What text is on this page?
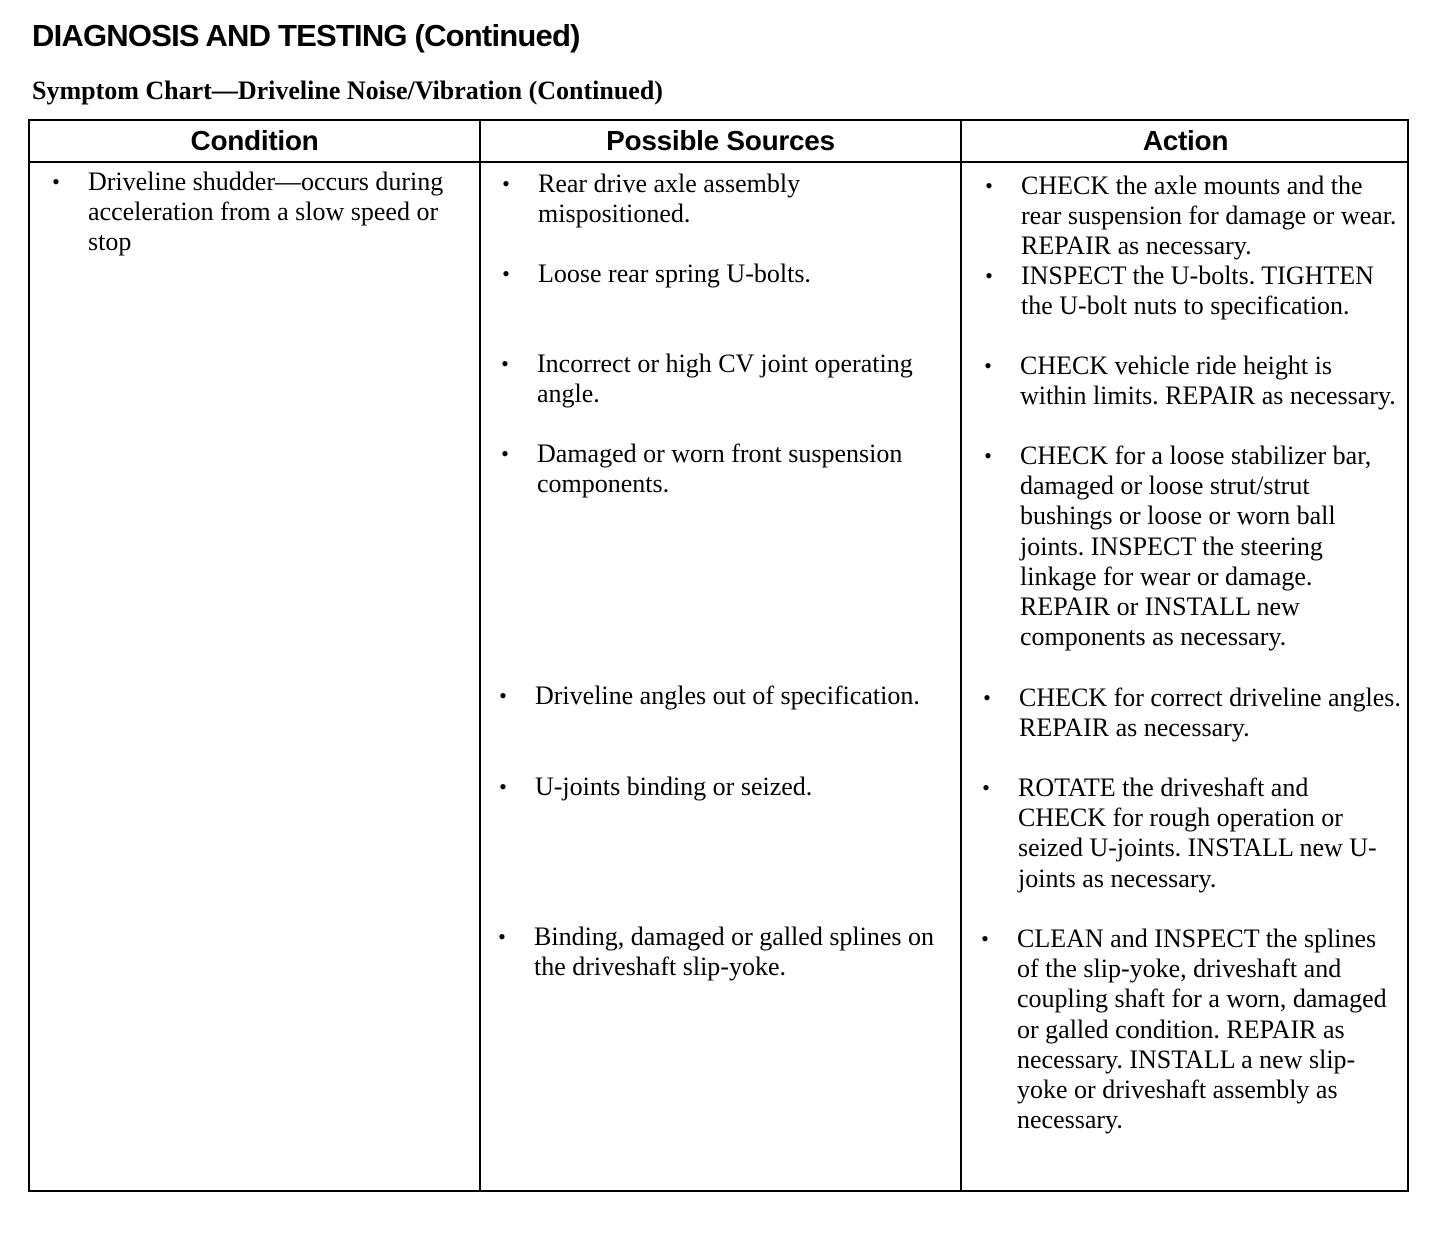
DIAGNOSIS AND TESTING (Continued)
Symptom Chart—Driveline Noise/Vibration (Continued)
Condition	Possible Sources	Action
• Driveline shudder—occurs during acceleration from a slow speed or stop
• Rear drive axle assembly mispositioned.
• Loose rear spring U-bolts.
• Incorrect or high CV joint operating angle.
• Damaged or worn front suspension components.
• Driveline angles out of specification.
• U-joints binding or seized.
• Binding, damaged or galled splines on the driveshaft slip-yoke.
• CHECK the axle mounts and the rear suspension for damage or wear. REPAIR as necessary.
• INSPECT the U-bolts. TIGHTEN the U-bolt nuts to specification.
• CHECK vehicle ride height is within limits. REPAIR as necessary.
• CHECK for a loose stabilizer bar, damaged or loose strut/strut bushings or loose or worn ball joints. INSPECT the steering linkage for wear or damage. REPAIR or INSTALL new components as necessary.
• CHECK for correct driveline angles. REPAIR as necessary.
• ROTATE the driveshaft and CHECK for rough operation or seized U-joints. INSTALL new U-joints as necessary.
• CLEAN and INSPECT the splines of the slip-yoke, driveshaft and coupling shaft for a worn, damaged or galled condition. REPAIR as necessary. INSTALL a new slip-yoke or driveshaft assembly as necessary.
